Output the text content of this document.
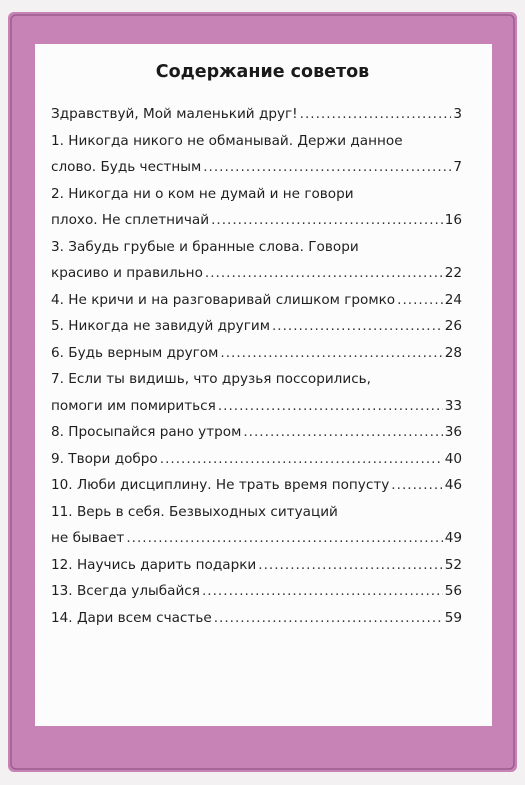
Содержание советов
Здравствуй, Мой маленький друг! .....	3
1. Никогда никого не обманывай. Держи данное
слово. Будь честным .....	7
2. Никогда ни о ком не думай и не говори
плохо. Не сплетничай .....	16
3. Забудь грубые и бранные слова. Говори
красиво и правильно .....	22
4. Не кричи и на разговаривай слишком громко .....	24
5. Никогда не завидуй другим .....	26
6. Будь верным другом .....	28
7. Если ты видишь, что друзья поссорились,
помоги им помириться .....	33
8. Просыпайся рано утром .....	36
9. Твори добро .....	40
10. Люби дисциплину. Не трать время попусту .....	46
11. Верь в себя. Безвыходных ситуаций
не бывает .....	49
12. Научись дарить подарки .....	52
13. Всегда улыбайся .....	56
14. Дари всем счастье .....	59
